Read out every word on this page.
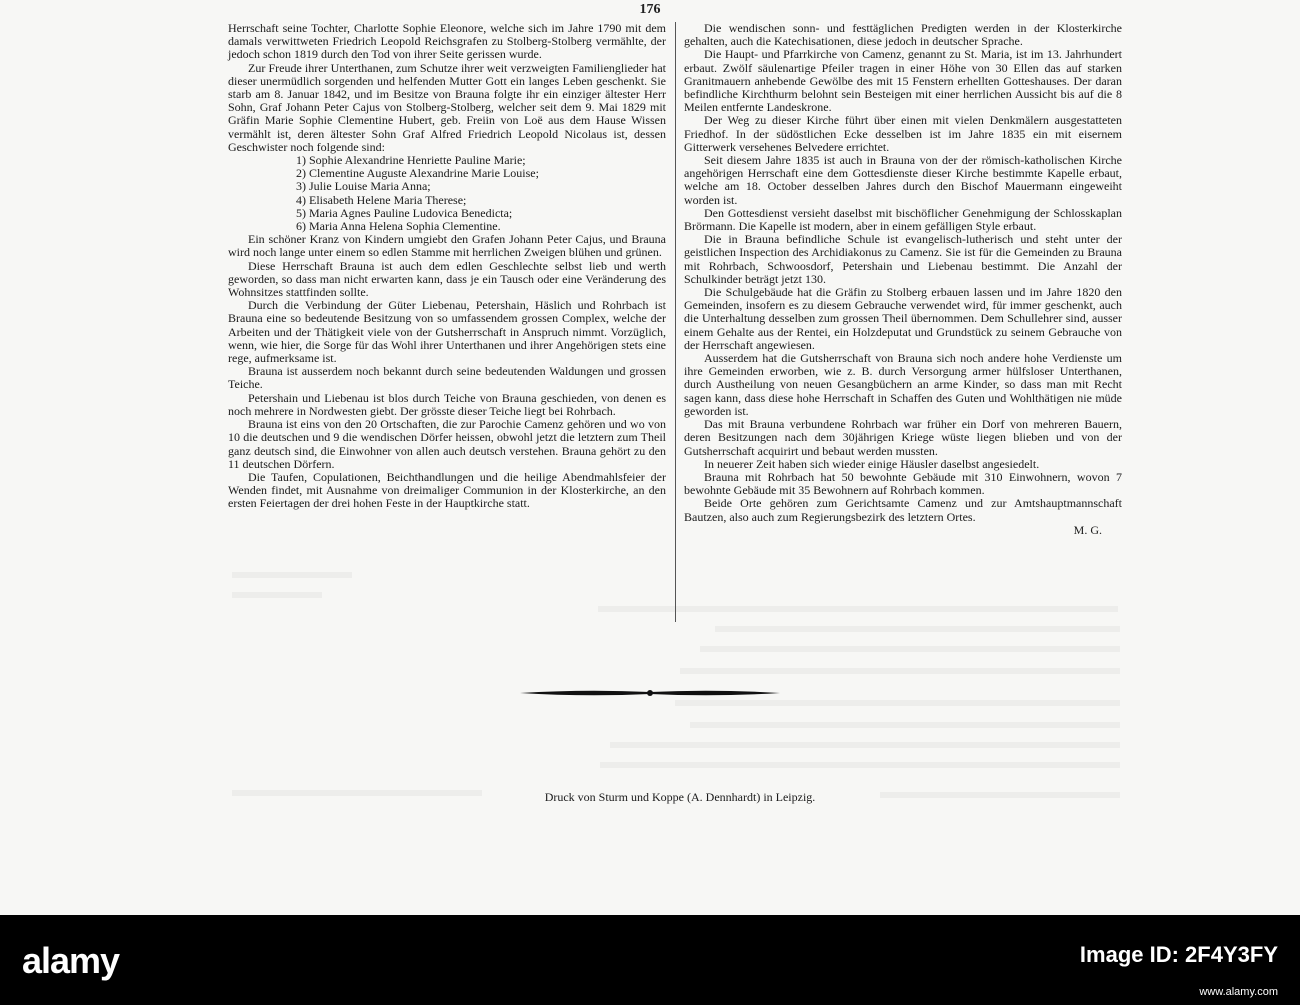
176

Herrschaft seine Tochter, Charlotte Sophie Eleonore, welche sich im Jahre 1790 mit dem damals verwittweten Friedrich Leopold Reichsgrafen zu Stolberg-Stolberg vermählte, der jedoch schon 1819 durch den Tod von ihrer Seite gerissen wurde.

Zur Freude ihrer Unterthanen, zum Schutze ihrer weit verzweigten Familienglieder hat dieser unermüdlich sorgenden und helfenden Mutter Gott ein langes Leben geschenkt. Sie starb am 8. Januar 1842, und im Besitze von Brauna folgte ihr ein einziger ältester Herr Sohn, Graf Johann Peter Cajus von Stolberg-Stolberg, welcher seit dem 9. Mai 1829 mit Gräfin Marie Sophie Clementine Hubert, geb. Freiin von Loë aus dem Hause Wissen vermählt ist, deren ältester Sohn Graf Alfred Friedrich Leopold Nicolaus ist, dessen Geschwister noch folgende sind:

1) Sophie Alexandrine Henriette Pauline Marie;
2) Clementine Auguste Alexandrine Marie Louise;
3) Julie Louise Maria Anna;
4) Elisabeth Helene Maria Therese;
5) Maria Agnes Pauline Ludovica Benedicta;
6) Maria Anna Helena Sophia Clementine.

Ein schöner Kranz von Kindern umgiebt den Grafen Johann Peter Cajus, und Brauna wird noch lange unter einem so edlen Stamme mit herrlichen Zweigen blühen und grünen.

Diese Herrschaft Brauna ist auch dem edlen Geschlechte selbst lieb und werth geworden, so dass man nicht erwarten kann, dass je ein Tausch oder eine Veränderung des Wohnsitzes stattfinden sollte.

Durch die Verbindung der Güter Liebenau, Petershain, Häslich und Rohrbach ist Brauna eine so bedeutende Besitzung von so umfassendem grossen Complex, welche der Arbeiten und der Thätigkeit viele von der Gutsherrschaft in Anspruch nimmt. Vorzüglich, wenn, wie hier, die Sorge für das Wohl ihrer Unterthanen und ihrer Angehörigen stets eine rege, aufmerksame ist.

Brauna ist ausserdem noch bekannt durch seine bedeutenden Waldungen und grossen Teiche.

Petershain und Liebenau ist blos durch Teiche von Brauna geschieden, von denen es noch mehrere in Nordwesten giebt. Der grösste dieser Teiche liegt bei Rohrbach.

Brauna ist eins von den 20 Ortschaften, die zur Parochie Camenz gehören und wo von 10 die deutschen und 9 die wendischen Dörfer heissen, obwohl jetzt die letztern zum Theil ganz deutsch sind, die Einwohner von allen auch deutsch verstehen. Brauna gehört zu den 11 deutschen Dörfern.

Die Taufen, Copulationen, Beichthandlungen und die heilige Abendmahlsfeier der Wenden findet, mit Ausnahme von dreimaliger Communion in der Klosterkirche, an den ersten Feiertagen der drei hohen Feste in der Hauptkirche statt.

Die wendischen sonn- und festtäglichen Predigten werden in der Klosterkirche gehalten, auch die Katechisationen, diese jedoch in deutscher Sprache.

Die Haupt- und Pfarrkirche von Camenz, genannt zu St. Maria, ist im 13. Jahrhundert erbaut. Zwölf säulenartige Pfeiler tragen in einer Höhe von 30 Ellen das auf starken Granitmauern anhebende Gewölbe des mit 15 Fenstern erhellten Gotteshauses. Der daran befindliche Kirchthurm belohnt sein Besteigen mit einer herrlichen Aussicht bis auf die 8 Meilen entfernte Landeskrone.

Der Weg zu dieser Kirche führt über einen mit vielen Denkmälern ausgestatteten Friedhof. In der südöstlichen Ecke desselben ist im Jahre 1835 ein mit eisernem Gitterwerk versehenes Belvedere errichtet.

Seit diesem Jahre 1835 ist auch in Brauna von der der römisch-katholischen Kirche angehörigen Herrschaft eine dem Gottesdienste dieser Kirche bestimmte Kapelle erbaut, welche am 18. October desselben Jahres durch den Bischof Mauermann eingeweiht worden ist.

Den Gottesdienst versieht daselbst mit bischöflicher Genehmigung der Schlosskaplan Brörmann. Die Kapelle ist modern, aber in einem gefälligen Style erbaut.

Die in Brauna befindliche Schule ist evangelisch-lutherisch und steht unter der geistlichen Inspection des Archidiakonus zu Camenz. Sie ist für die Gemeinden zu Brauna mit Rohrbach, Schwoosdorf, Petershain und Liebenau bestimmt. Die Anzahl der Schulkinder beträgt jetzt 130.

Die Schulgebäude hat die Gräfin zu Stolberg erbauen lassen und im Jahre 1820 den Gemeinden, insofern es zu diesem Gebrauche verwendet wird, für immer geschenkt, auch die Unterhaltung desselben zum grossen Theil übernommen. Dem Schullehrer sind, ausser einem Gehalte aus der Rentei, ein Holzdeputat und Grundstück zu seinem Gebrauche von der Herrschaft angewiesen.

Ausserdem hat die Gutsherrschaft von Brauna sich noch andere hohe Verdienste um ihre Gemeinden erworben, wie z. B. durch Versorgung armer hülfsloser Unterthanen, durch Austheilung von neuen Gesangbüchern an arme Kinder, so dass man mit Recht sagen kann, dass diese hohe Herrschaft in Schaffen des Guten und Wohlthätigen nie müde geworden ist.

Das mit Brauna verbundene Rohrbach war früher ein Dorf von mehreren Bauern, deren Besitzungen nach dem 30jährigen Kriege wüste liegen blieben und von der Gutsherrschaft acquirirt und bebaut werden mussten.

In neuerer Zeit haben sich wieder einige Häusler daselbst angesiedelt.

Brauna mit Rohrbach hat 50 bewohnte Gebäude mit 310 Einwohnern, wovon 7 bewohnte Gebäude mit 35 Bewohnern auf Rohrbach kommen.

Beide Orte gehören zum Gerichtsamte Camenz und zur Amtshauptmannschaft Bautzen, also auch zum Regierungsbezirk des letztern Ortes.

M. G.

Druck von Sturm und Koppe (A. Dennhardt) in Leipzig.
alamy	Image ID: 2F4Y3FY
www.alamy.com
